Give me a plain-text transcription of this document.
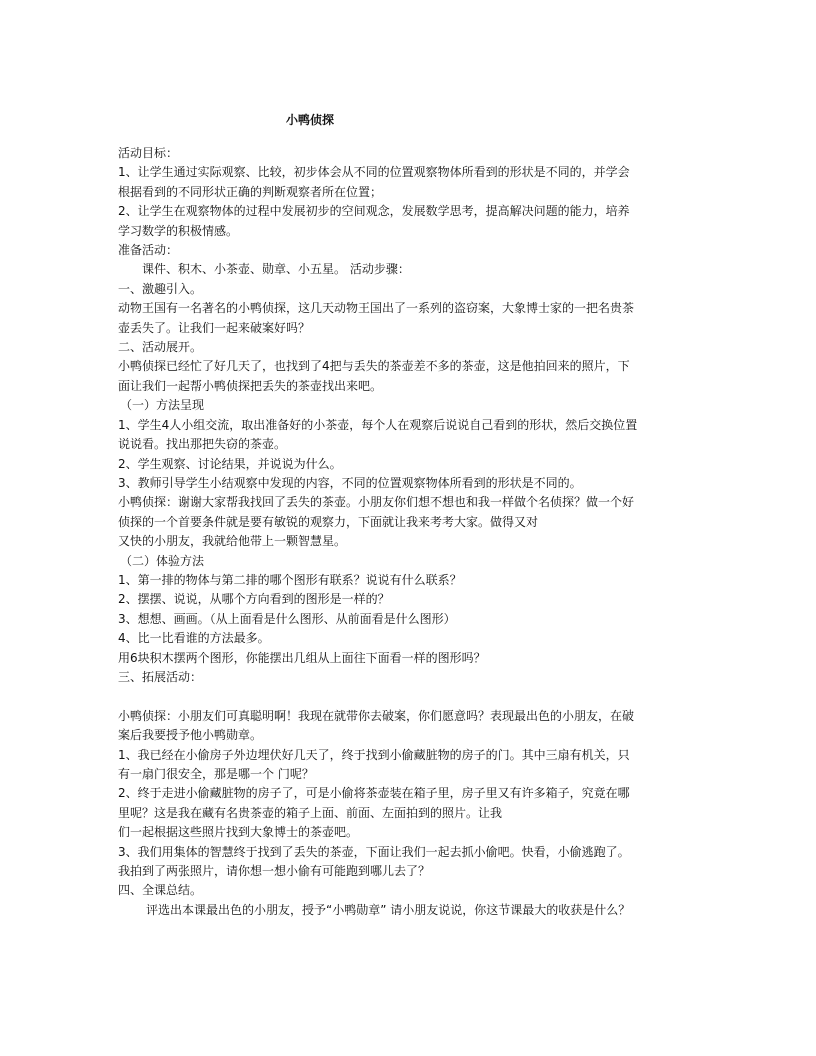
小鸭侦探
活动目标：
1、让学生通过实际观察、比较，初步体会从不同的位置观察物体所看到的形状是不同的，并学会
根据看到的不同形状正确的判断观察者所在位置；
2、让学生在观察物体的过程中发展初步的空间观念，发展数学思考，提高解决问题的能力，培养
学习数学的积极情感。
准备活动：
课件、积木、小茶壶、勋章、小五星。 活动步骤：
一、激趣引入。
动物王国有一名著名的小鸭侦探，这几天动物王国出了一系列的盗窃案，大象博士家的一把名贵茶
壶丢失了。让我们一起来破案好吗？
二、活动展开。
小鸭侦探已经忙了好几天了，也找到了4把与丢失的茶壶差不多的茶壶，这是他拍回来的照片，下
面让我们一起帮小鸭侦探把丢失的茶壶找出来吧。
（一）方法呈现
1、学生4人小组交流，取出准备好的小茶壶，每个人在观察后说说自己看到的形状，然后交换位置
说说看。找出那把失窃的茶壶。
2、学生观察、讨论结果，并说说为什么。
3、教师引导学生小结观察中发现的内容，不同的位置观察物体所看到的形状是不同的。
小鸭侦探：谢谢大家帮我找回了丢失的茶壶。小朋友你们想不想也和我一样做个名侦探？做一个好
侦探的一个首要条件就是要有敏锐的观察力，下面就让我来考考大家。做得又对
又快的小朋友，我就给他带上一颗智慧星。
（二）体验方法
1、第一排的物体与第二排的哪个图形有联系？说说有什么联系？
2、摆摆、说说，从哪个方向看到的图形是一样的？
3、想想、画画。（从上面看是什么图形、从前面看是什么图形）
4、比一比看谁的方法最多。
用6块积木摆两个图形，你能摆出几组从上面往下面看一样的图形吗？
三、拓展活动：
小鸭侦探：小朋友们可真聪明啊！我现在就带你去破案，你们愿意吗？表现最出色的小朋友，在破
案后我要授予他小鸭勋章。
1、我已经在小偷房子外边埋伏好几天了，终于找到小偷藏脏物的房子的门。其中三扇有机关，只
有一扇门很安全，那是哪一个 门呢？
2、终于走进小偷藏脏物的房子了，可是小偷将茶壶装在箱子里，房子里又有许多箱子，究竟在哪
里呢？这是我在藏有名贵茶壶的箱子上面、前面、左面拍到的照片。让我
们一起根据这些照片找到大象博士的茶壶吧。
3、我们用集体的智慧终于找到了丢失的茶壶，下面让我们一起去抓小偷吧。快看，小偷逃跑了。
我拍到了两张照片，请你想一想小偷有可能跑到哪儿去了？
四、全课总结。
评选出本课最出色的小朋友，授予“小鸭勋章” 请小朋友说说，你这节课最大的收获是什么？
